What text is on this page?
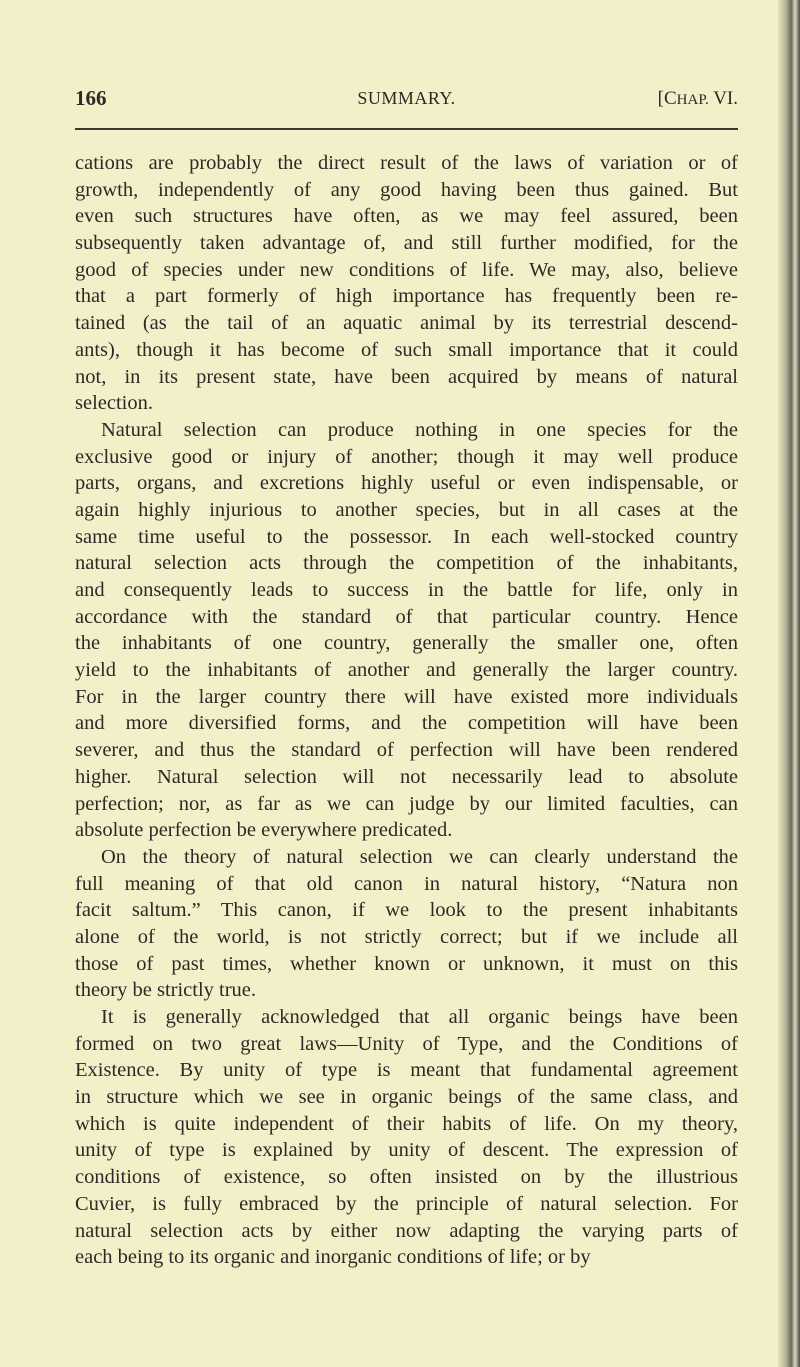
166	SUMMARY.	[CHAP. VI.
cations are probably the direct result of the laws of variation or of
growth, independently of any good having been thus gained. But
even such structures have often, as we may feel assured, been
subsequently taken advantage of, and still further modified, for the
good of species under new conditions of life. We may, also, believe
that a part formerly of high importance has frequently been re-
tained (as the tail of an aquatic animal by its terrestrial descend-
ants), though it has become of such small importance that it could
not, in its present state, have been acquired by means of natural
selection.
Natural selection can produce nothing in one species for the
exclusive good or injury of another; though it may well produce
parts, organs, and excretions highly useful or even indispensable, or
again highly injurious to another species, but in all cases at the
same time useful to the possessor. In each well-stocked country
natural selection acts through the competition of the inhabitants,
and consequently leads to success in the battle for life, only in
accordance with the standard of that particular country. Hence
the inhabitants of one country, generally the smaller one, often
yield to the inhabitants of another and generally the larger country.
For in the larger country there will have existed more individuals
and more diversified forms, and the competition will have been
severer, and thus the standard of perfection will have been rendered
higher. Natural selection will not necessarily lead to absolute
perfection; nor, as far as we can judge by our limited faculties, can
absolute perfection be everywhere predicated.
On the theory of natural selection we can clearly understand the
full meaning of that old canon in natural history, “Natura non
facit saltum.” This canon, if we look to the present inhabitants
alone of the world, is not strictly correct; but if we include all
those of past times, whether known or unknown, it must on this
theory be strictly true.
It is generally acknowledged that all organic beings have been
formed on two great laws—Unity of Type, and the Conditions of
Existence. By unity of type is meant that fundamental agreement
in structure which we see in organic beings of the same class, and
which is quite independent of their habits of life. On my theory,
unity of type is explained by unity of descent. The expression of
conditions of existence, so often insisted on by the illustrious
Cuvier, is fully embraced by the principle of natural selection. For
natural selection acts by either now adapting the varying parts of
each being to its organic and inorganic conditions of life; or by
